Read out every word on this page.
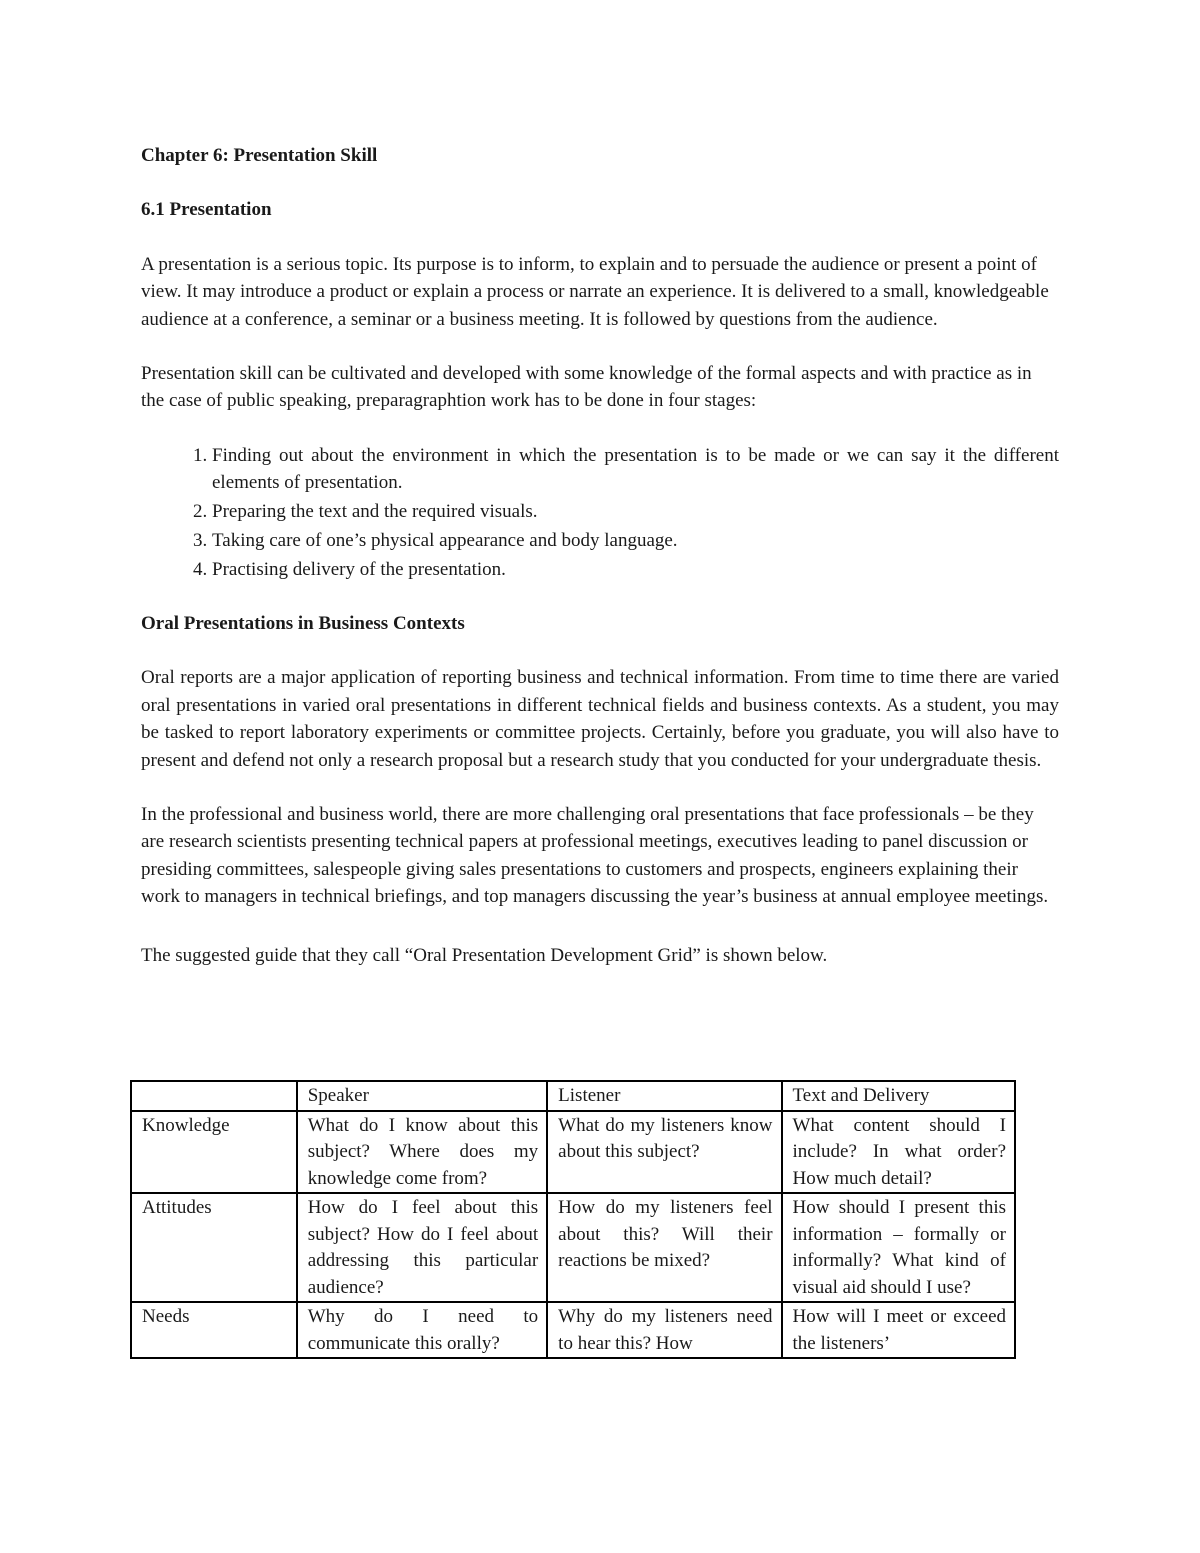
Chapter 6: Presentation Skill
6.1 Presentation

A presentation is a serious topic. Its purpose is to inform, to explain and to persuade the audience or present a point of view. It may introduce a product or explain a process or narrate an experience. It is delivered to a small, knowledgeable audience at a conference, a seminar or a business meeting. It is followed by questions from the audience.

Presentation skill can be cultivated and developed with some knowledge of the formal aspects and with practice as in the case of public speaking, preparagraphtion work has to be done in four stages:

1. Finding out about the environment in which the presentation is to be made or we can say it the different elements of presentation.
2. Preparing the text and the required visuals.
3. Taking care of one’s physical appearance and body language.
4. Practising delivery of the presentation.
Oral Presentations in Business Contexts

Oral reports are a major application of reporting business and technical information. From time to time there are varied oral presentations in varied oral presentations in different technical fields and business contexts. As a student, you may be tasked to report laboratory experiments or committee projects. Certainly, before you graduate, you will also have to present and defend not only a research proposal but a research study that you conducted for your undergraduate thesis.

In the professional and business world, there are more challenging oral presentations that face professionals – be they are research scientists presenting technical papers at professional meetings, executives leading to panel discussion or presiding committees, salespeople giving sales presentations to customers and prospects, engineers explaining their work to managers in technical briefings, and top managers discussing the year’s business at annual employee meetings.

The suggested guide that they call “Oral Presentation Development Grid” is shown below.

	Speaker	Listener	Text and Delivery
Knowledge	What do I know about this subject? Where does my knowledge come from?	What do my listeners know about this subject?	What content should I include? In what order? How much detail?
Attitudes	How do I feel about this subject? How do I feel about addressing this particular audience?	How do my listeners feel about this? Will their reactions be mixed?	How should I present this information – formally or informally? What kind of visual aid should I use?
Needs	Why do I need to communicate this orally?	Why do my listeners need to hear this? How	How will I meet or exceed the listeners’
